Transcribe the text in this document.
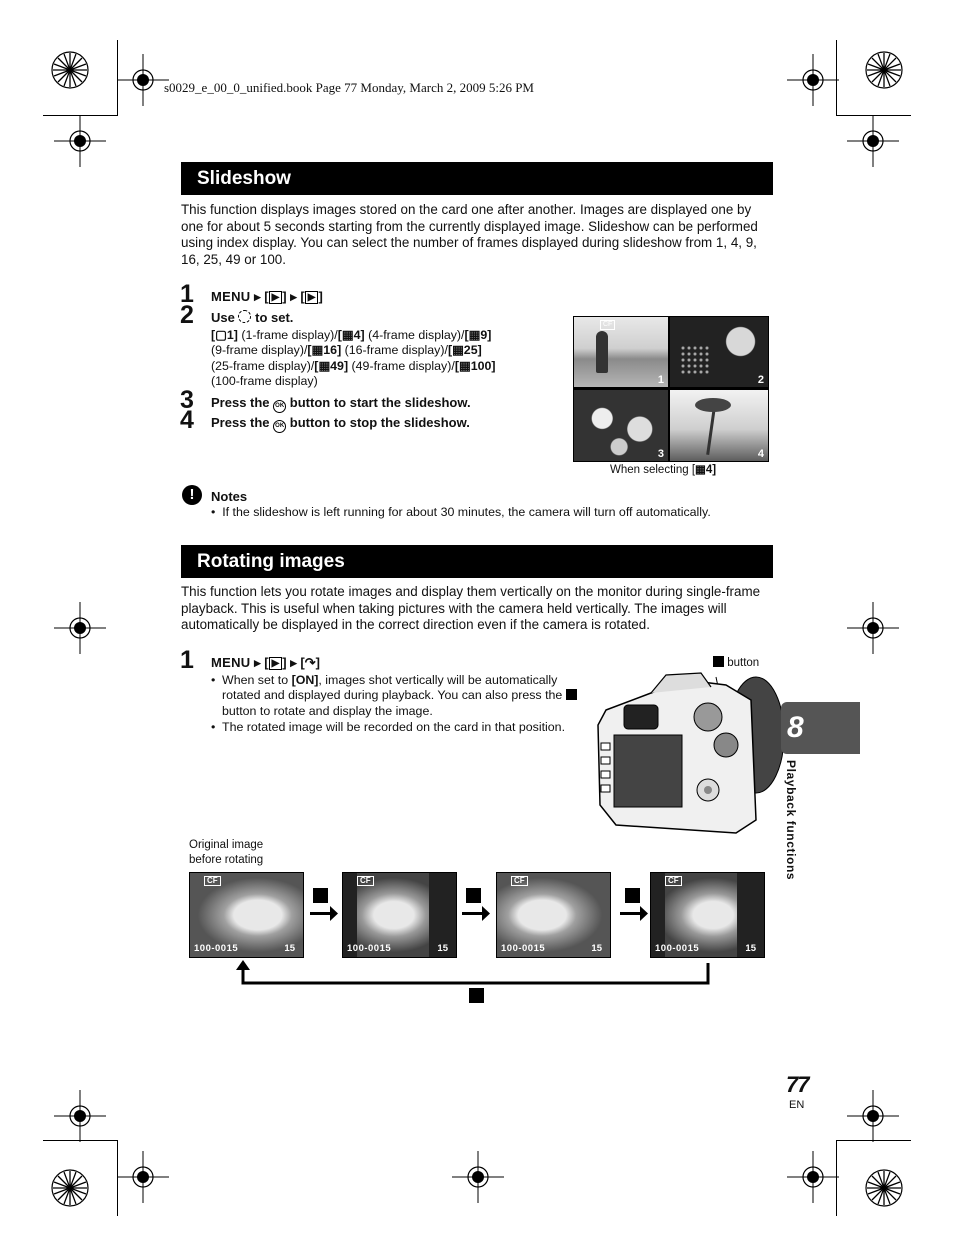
s0029_e_00_0_unified.book Page 77 Monday, March 2, 2009 5:26 PM
Slideshow
This function displays images stored on the card one after another. Images are displayed one by one for about 5 seconds starting from the currently displayed image. Slideshow can be performed using index display. You can select the number of frames displayed during slideshow from 1, 4, 9, 16, 25, 49 or 100.
1 MENU ▸ [ ▶ ] ▸ [ ▶ ]
2 Use to set.
[▢1] (1-frame display)/[▦4] (4-frame display)/[▦9]
(9-frame display)/[▦16] (16-frame display)/[▦25]
(25-frame display)/[▦49] (49-frame display)/[▦100]
(100-frame display)
3 Press the OK button to start the slideshow.
4 Press the OK button to stop the slideshow.
CF
1	2
3	4
When selecting [▦4]
!	Notes
•  If the slideshow is left running for about 30 minutes, the camera will turn off automatically.
Rotating images
This function lets you rotate images and display them vertically on the monitor during single-frame playback. This is useful when taking pictures with the camera held vertically. The images will automatically be displayed in the correct direction even if the camera is rotated.
1 MENU ▸ [ ▶ ] ▸ [↷]
• When set to [ON], images shot vertically will be automatically rotated and displayed during playback. You can also press the  button to rotate and display the image.
• The rotated image will be recorded on the card in that position.
button
8
Playback functions
Original image
before rotating
CF
100-0015	15
CF
100-0015	15
CF
100-0015	15
CF
100-0015	15
77
EN
